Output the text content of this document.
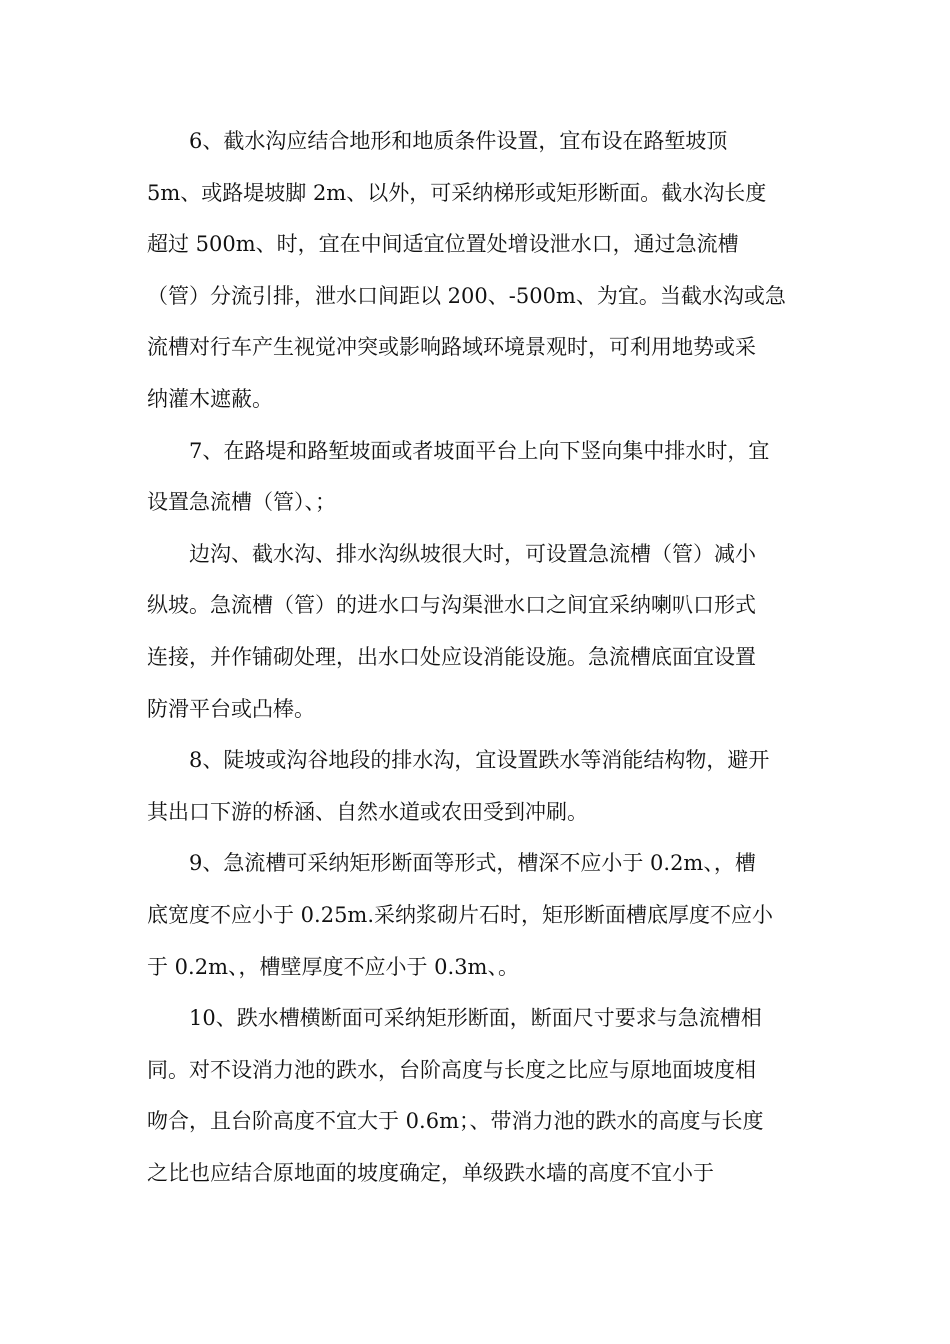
6、截水沟应结合地形和地质条件设置，宜布设在路堑坡顶
5m、或路堤坡脚 2m、以外，可采纳梯形或矩形断面。截水沟长度
超过 500m、时，宜在中间适宜位置处增设泄水口，通过急流槽
（管）分流引排，泄水口间距以 200、-500m、为宜。当截水沟或急
流槽对行车产生视觉冲突或影响路域环境景观时，可利用地势或采
纳灌木遮蔽。

7、在路堤和路堑坡面或者坡面平台上向下竖向集中排水时，宜
设置急流槽（管）、；

边沟、截水沟、排水沟纵坡很大时，可设置急流槽（管）减小
纵坡。急流槽（管）的进水口与沟渠泄水口之间宜采纳喇叭口形式
连接，并作铺砌处理，出水口处应设消能设施。急流槽底面宜设置
防滑平台或凸棒。

8、陡坡或沟谷地段的排水沟，宜设置跌水等消能结构物，避开
其出口下游的桥涵、自然水道或农田受到冲刷。

9、急流槽可采纳矩形断面等形式，槽深不应小于 0.2m、，槽
底宽度不应小于 0.25m.采纳浆砌片石时，矩形断面槽底厚度不应小
于 0.2m、，槽壁厚度不应小于 0.3m、。

10、跌水槽横断面可采纳矩形断面，断面尺寸要求与急流槽相
同。对不设消力池的跌水，台阶高度与长度之比应与原地面坡度相
吻合，且台阶高度不宜大于 0.6m；、带消力池的跌水的高度与长度
之比也应结合原地面的坡度确定，单级跌水墙的高度不宜小于
